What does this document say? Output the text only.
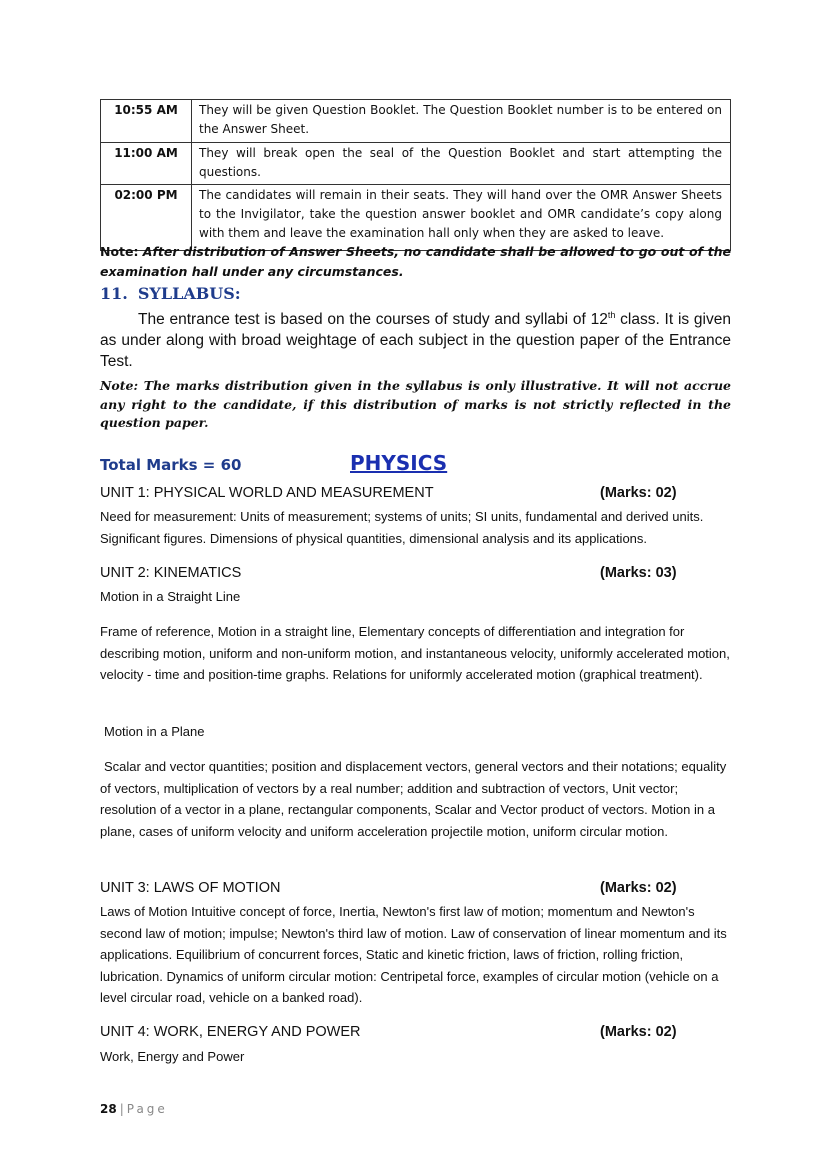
10:55 AM	They will be given Question Booklet. The Question Booklet number is to be entered on the Answer Sheet.
11:00 AM	They will break open the seal of the Question Booklet and start attempting the questions.
02:00 PM	The candidates will remain in their seats. They will hand over the OMR Answer Sheets to the Invigilator, take the question answer booklet and OMR candidate’s copy along with them and leave the examination hall only when they are asked to leave.
Note: After distribution of Answer Sheets, no candidate shall be allowed to go out of the examination hall under any circumstances.
11. SYLLABUS:
The entrance test is based on the courses of study and syllabi of 12th class. It is given as under along with broad weightage of each subject in the question paper of the Entrance Test.
Note: The marks distribution given in the syllabus is only illustrative. It will not accrue any right to the candidate, if this distribution of marks is not strictly reflected in the question paper.
Total Marks = 60	PHYSICS
UNIT 1: PHYSICAL WORLD AND MEASUREMENT	(Marks: 02)
Need for measurement: Units of measurement; systems of units; SI units, fundamental and derived units. Significant figures. Dimensions of physical quantities, dimensional analysis and its applications.
UNIT 2: KINEMATICS	(Marks: 03)
Motion in a Straight Line
Frame of reference, Motion in a straight line, Elementary concepts of differentiation and integration for describing motion, uniform and non-uniform motion, and instantaneous velocity, uniformly accelerated motion, velocity - time and position-time graphs. Relations for uniformly accelerated motion (graphical treatment).
Motion in a Plane
Scalar and vector quantities; position and displacement vectors, general vectors and their notations; equality of vectors, multiplication of vectors by a real number; addition and subtraction of vectors, Unit vector; resolution of a vector in a plane, rectangular components, Scalar and Vector product of vectors. Motion in a plane, cases of uniform velocity and uniform acceleration projectile motion, uniform circular motion.
UNIT 3: LAWS OF MOTION	(Marks: 02)
Laws of Motion Intuitive concept of force, Inertia, Newton's first law of motion; momentum and Newton's second law of motion; impulse; Newton's third law of motion. Law of conservation of linear momentum and its applications. Equilibrium of concurrent forces, Static and kinetic friction, laws of friction, rolling friction, lubrication. Dynamics of uniform circular motion: Centripetal force, examples of circular motion (vehicle on a level circular road, vehicle on a banked road).
UNIT 4: WORK, ENERGY AND POWER	(Marks: 02)
Work, Energy and Power
28 | Page
